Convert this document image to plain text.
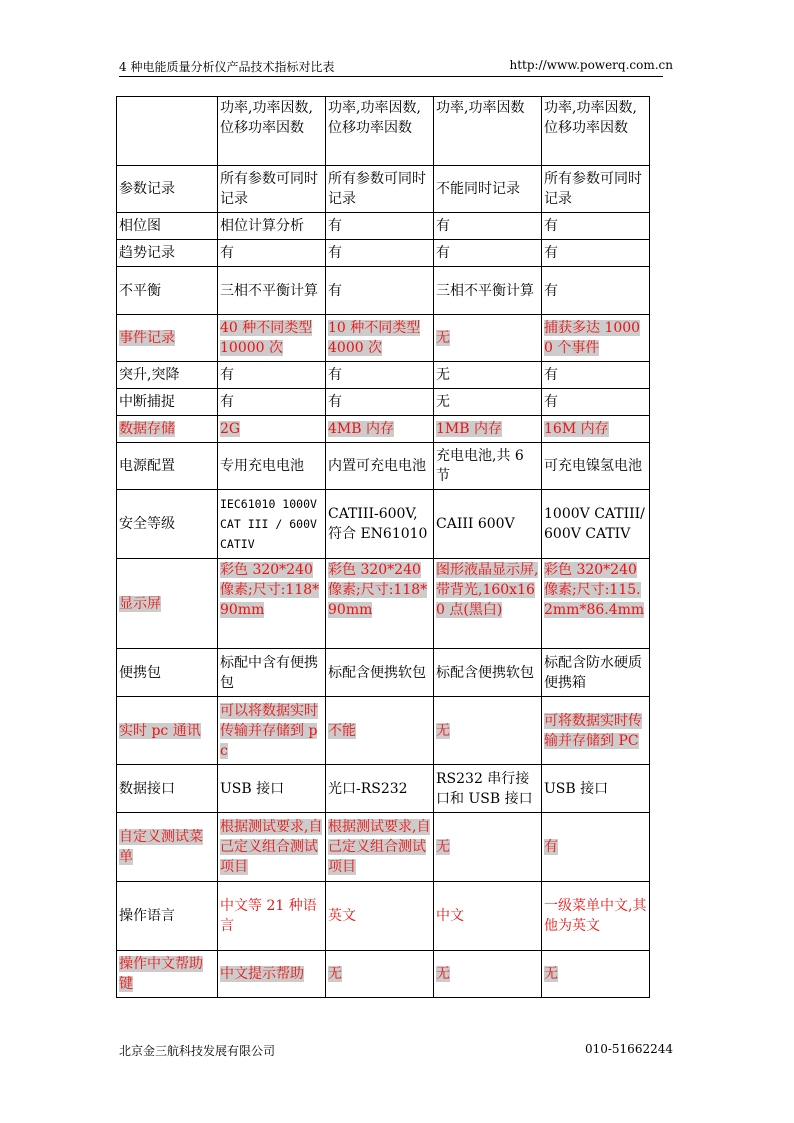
4 种电能质量分析仪产品技术指标对比表	http://www.powerq.com.cn
	功率,功率因数, 位移功率因数	功率,功率因数,位移功率因数	功率,功率因数	功率,功率因数, 位移功率因数
参数记录	所有参数可同时记录	所有参数可同时记录	不能同时记录	所有参数可同时记录
相位图	相位计算分析	有	有	有
趋势记录	有	有	有	有
不平衡	三相不平衡计算	有	三相不平衡计算	有
事件记录	40 种不同类型 10000 次	10 种不同类型 4000 次	无	捕获多达 10000 个事件
突升,突降	有	有	无	有
中断捕捉	有	有	无	有
数据存储	2G	4MB 内存	1MB 内存	16M 内存
电源配置	专用充电电池	内置可充电电池	充电电池,共 6 节	可充电镍氢电池
安全等级	IEC61010 1000V CAT III / 600V CATIV	CATIII-600V,符合 EN61010	CAIII 600V	1000V CATIII/600V CATIV
显示屏	彩色 320*240 像素;尺寸:118*90mm	彩色 320*240 像素;尺寸:118*90mm	图形液晶显示屏,带背光,160x160 点(黑白)	彩色 320*240 像素;尺寸:115.2mm*86.4mm
便携包	标配中含有便携包	标配含便携软包	标配含便携软包	标配含防水硬质便携箱
实时 pc 通讯	可以将数据实时传输并存储到 pc	不能	无	可将数据实时传输并存储到 PC
数据接口	USB 接口	光口-RS232	RS232 串行接口和 USB 接口	USB 接口
自定义测试菜单	根据测试要求,自己定义组合测试项目	根据测试要求,自己定义组合测试项目	无	有
操作语言	中文等 21 种语言	英文	中文	一级菜单中文,其他为英文
操作中文帮助键	中文提示帮助	无	无	无
北京金三航科技发展有限公司	010-51662244
